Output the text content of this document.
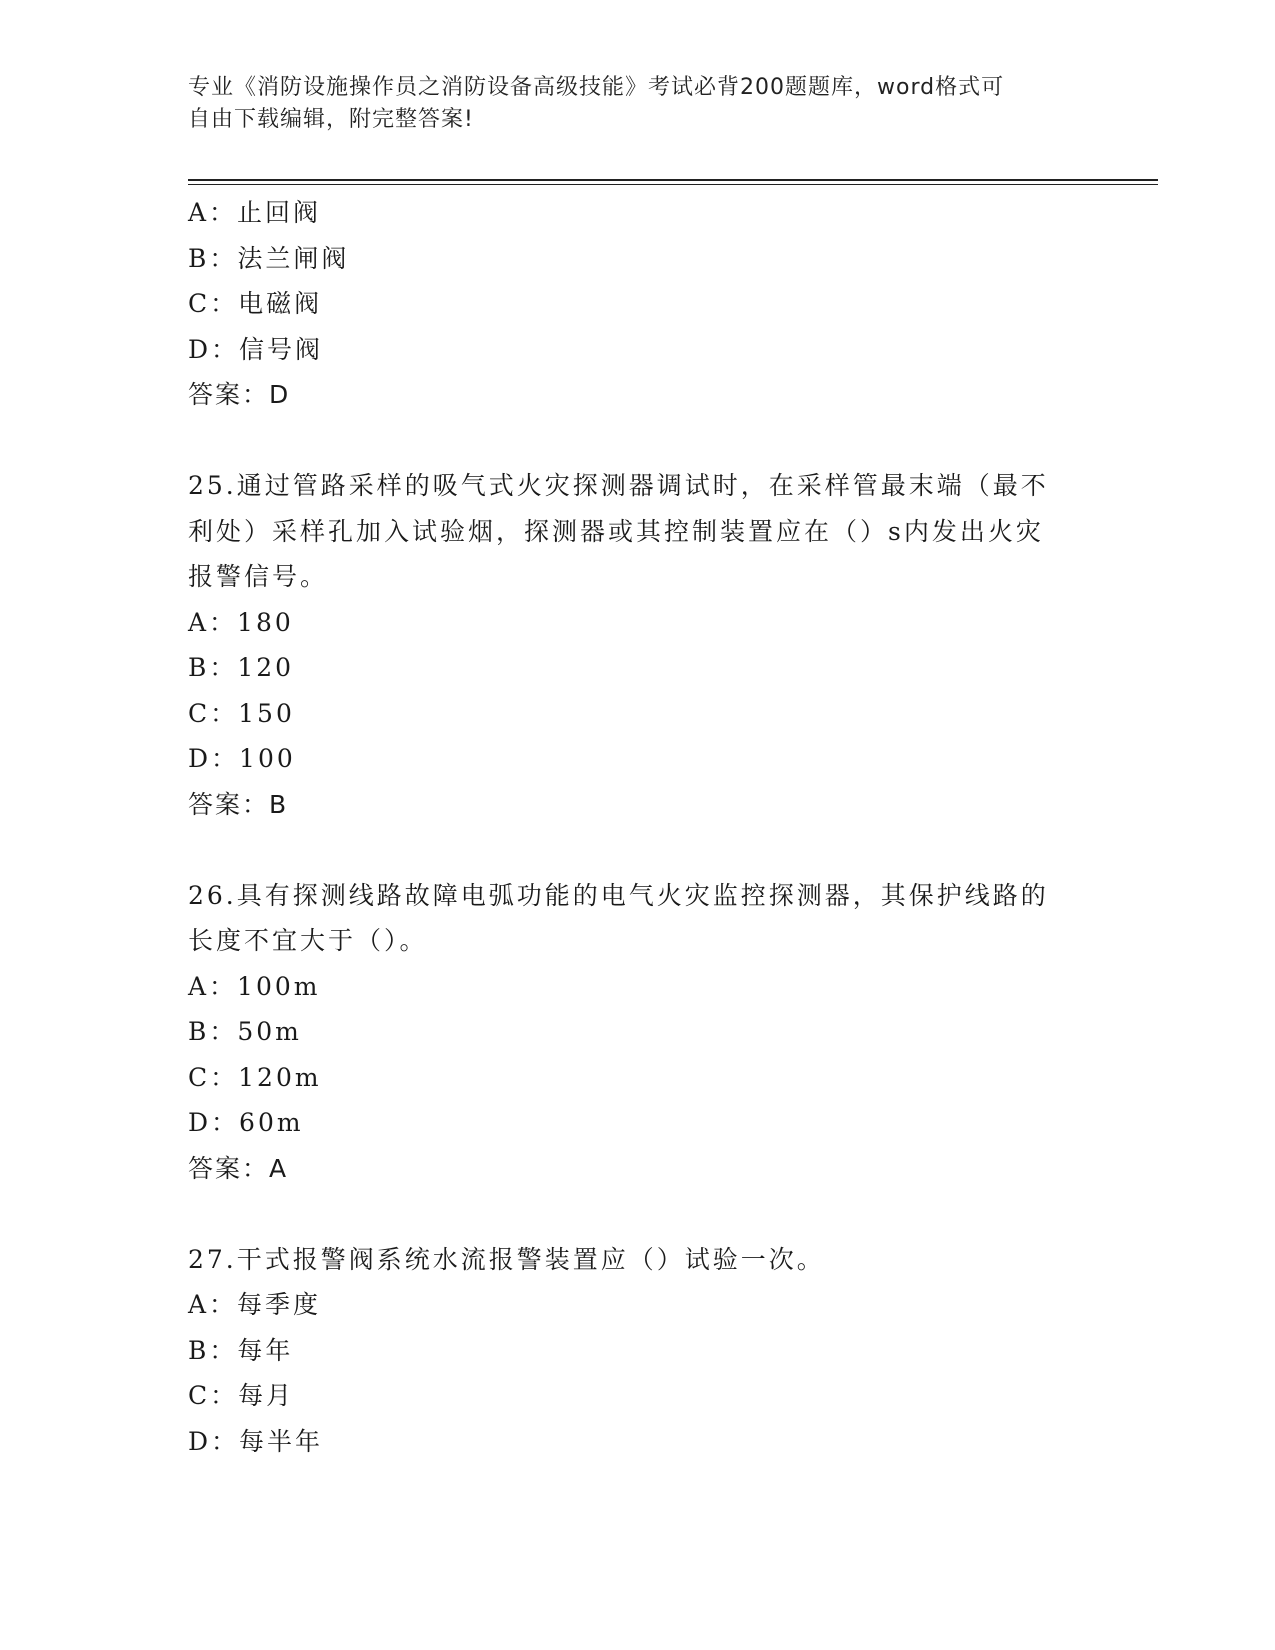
专业《消防设施操作员之消防设备高级技能》考试必背200题题库，word格式可
自由下载编辑，附完整答案!
A：止回阀
B：法兰闸阀
C：电磁阀
D：信号阀
答案：D
25.通过管路采样的吸气式火灾探测器调试时，在采样管最末端（最不
利处）采样孔加入试验烟，探测器或其控制装置应在（）s内发出火灾
报警信号。
A：180
B：120
C：150
D：100
答案：B
26.具有探测线路故障电弧功能的电气火灾监控探测器，其保护线路的
长度不宜大于（）。
A：100m
B：50m
C：120m
D：60m
答案：A
27.干式报警阀系统水流报警装置应（）试验一次。
A：每季度
B：每年
C：每月
D：每半年
